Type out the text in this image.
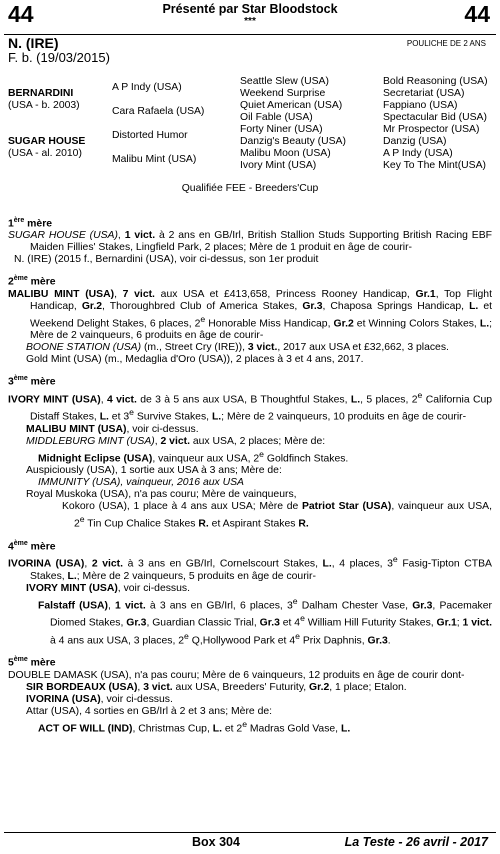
44	Présenté par Star Bloodstock
***	44
N. (IRE)
F. b. (19/03/2015)
POULICHE DE 2 ANS
BERNARDINI
(USA - b. 2003)	A P Indy (USA)	Seattle Slew (USA)	Bold Reasoning (USA)
		Weekend Surprise	Secretariat (USA)
	Cara Rafaela (USA)	Quiet American (USA)	Fappiano (USA)
		Oil Fable (USA)	Spectacular Bid (USA)

SUGAR HOUSE
(USA - al. 2010)	Distorted Humor	Forty Niner (USA)	Mr Prospector (USA)
		Danzig's Beauty (USA)	Danzig (USA)
	Malibu Mint (USA)	Malibu Moon (USA)	A P Indy (USA)
		Ivory Mint (USA)	Key To The Mint(USA)
Qualifiée FEE - Breeders'Cup
1ère mère
SUGAR HOUSE (USA), 1 vict. à 2 ans en GB/Irl, British Stallion Studs Supporting British Racing EBF Maiden Fillies' Stakes, Lingfield Park, 2 places; Mère de 1 produit en âge de courir-
N. (IRE) (2015 f., Bernardini (USA), voir ci-dessus, son 1er produit
2ème mère
MALIBU MINT (USA), 7 vict. aux USA et £413,658, Princess Rooney Handicap, Gr.1, Top Flight Handicap, Gr.2, Thoroughbred Club of America Stakes, Gr.3, Chaposa Springs Handicap, L. et Weekend Delight Stakes, 6 places, 2e Honorable Miss Handicap, Gr.2 et Winning Colors Stakes, L.; Mère de 2 vainqueurs, 6 produits en âge de courir-
BOONE STATION (USA) (m., Street Cry (IRE)), 3 vict., 2017 aux USA et £32,662, 3 places.
Gold Mint (USA) (m., Medaglia d'Oro (USA)), 2 places à 3 et 4 ans, 2017.
3ème mère
IVORY MINT (USA), 4 vict. de 3 à 5 ans aux USA, B Thoughtful Stakes, L., 5 places, 2e California Cup Distaff Stakes, L. et 3e Survive Stakes, L.; Mère de 2 vainqueurs, 10 produits en âge de courir-
MALIBU MINT (USA), voir ci-dessus.
MIDDLEBURG MINT (USA), 2 vict. aux USA, 2 places; Mère de:
Midnight Eclipse (USA), vainqueur aux USA, 2e Goldfinch Stakes.
Auspiciously (USA), 1 sortie aux USA à 3 ans; Mère de:
IMMUNITY (USA), vainqueur, 2016 aux USA
Royal Muskoka (USA), n'a pas couru; Mère de vainqueurs,
Kokoro (USA), 1 place à 4 ans aux USA; Mère de Patriot Star (USA), vainqueur aux USA, 2e Tin Cup Chalice Stakes R. et Aspirant Stakes R.
4ème mère
IVORINA (USA), 2 vict. à 3 ans en GB/Irl, Cornelscourt Stakes, L., 4 places, 3e Fasig-Tipton CTBA Stakes, L.; Mère de 2 vainqueurs, 5 produits en âge de courir-
IVORY MINT (USA), voir ci-dessus.
Falstaff (USA), 1 vict. à 3 ans en GB/Irl, 6 places, 3e Dalham Chester Vase, Gr.3, Pacemaker Diomed Stakes, Gr.3, Guardian Classic Trial, Gr.3 et 4e William Hill Futurity Stakes, Gr.1; 1 vict. à 4 ans aux USA, 3 places, 2e Q,Hollywood Park et 4e Prix Daphnis, Gr.3.
5ème mère
DOUBLE DAMASK (USA), n'a pas couru; Mère de 6 vainqueurs, 12 produits en âge de courir dont-
SIR BORDEAUX (USA), 3 vict. aux USA, Breeders' Futurity, Gr.2, 1 place; Etalon.
IVORINA (USA), voir ci-dessus.
Attar (USA), 4 sorties en GB/Irl à 2 et 3 ans; Mère de:
ACT OF WILL (IND), Christmas Cup, L. et 2e Madras Gold Vase, L.
Box 304	La Teste - 26 avril - 2017
